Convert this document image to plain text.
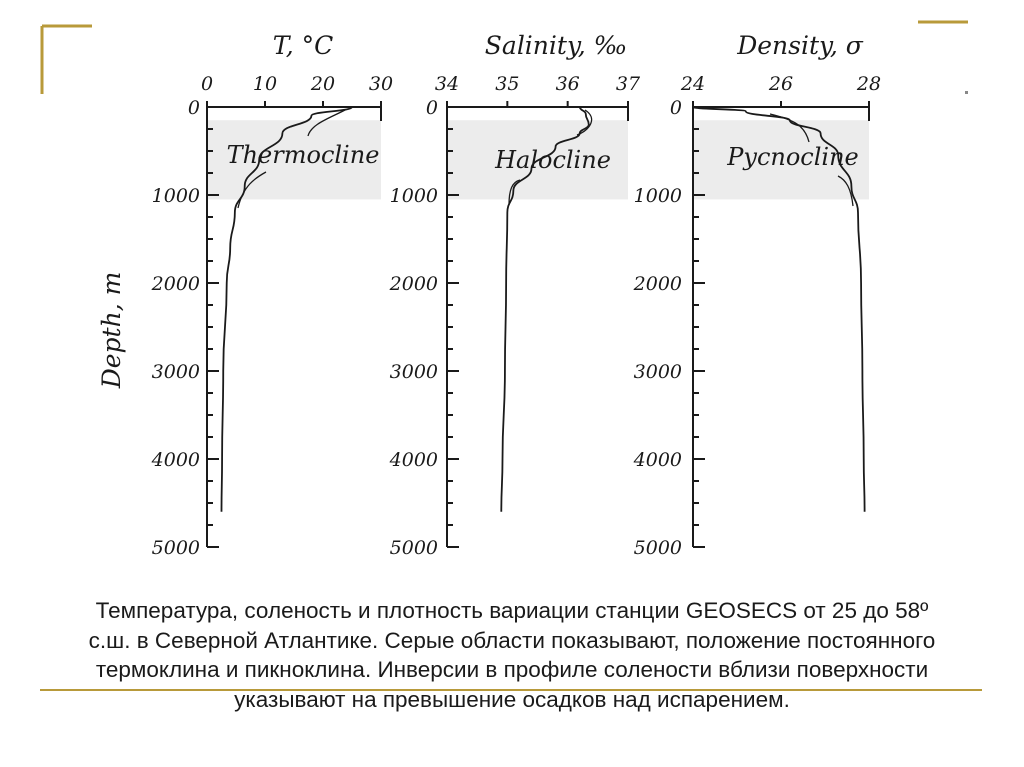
0 10 20 30
0
1000
2000
3000
4000
5000
T, °C
Thermocline
34 35 36 37
0
1000
2000
3000
4000
5000
Salinity, ‰
Halocline
24	26	28
0
1000
2000
3000
4000
5000
Density, σ
Pycnocline
Depth, m
Температура, соленость и плотность вариации станции GEOSECS от 25 до 58º
с.ш. в Северной Атлантике. Серые области показывают, положение постоянного
термоклина и пикноклина. Инверсии в профиле солености вблизи поверхности
указывают на превышение осадков над испарением.
